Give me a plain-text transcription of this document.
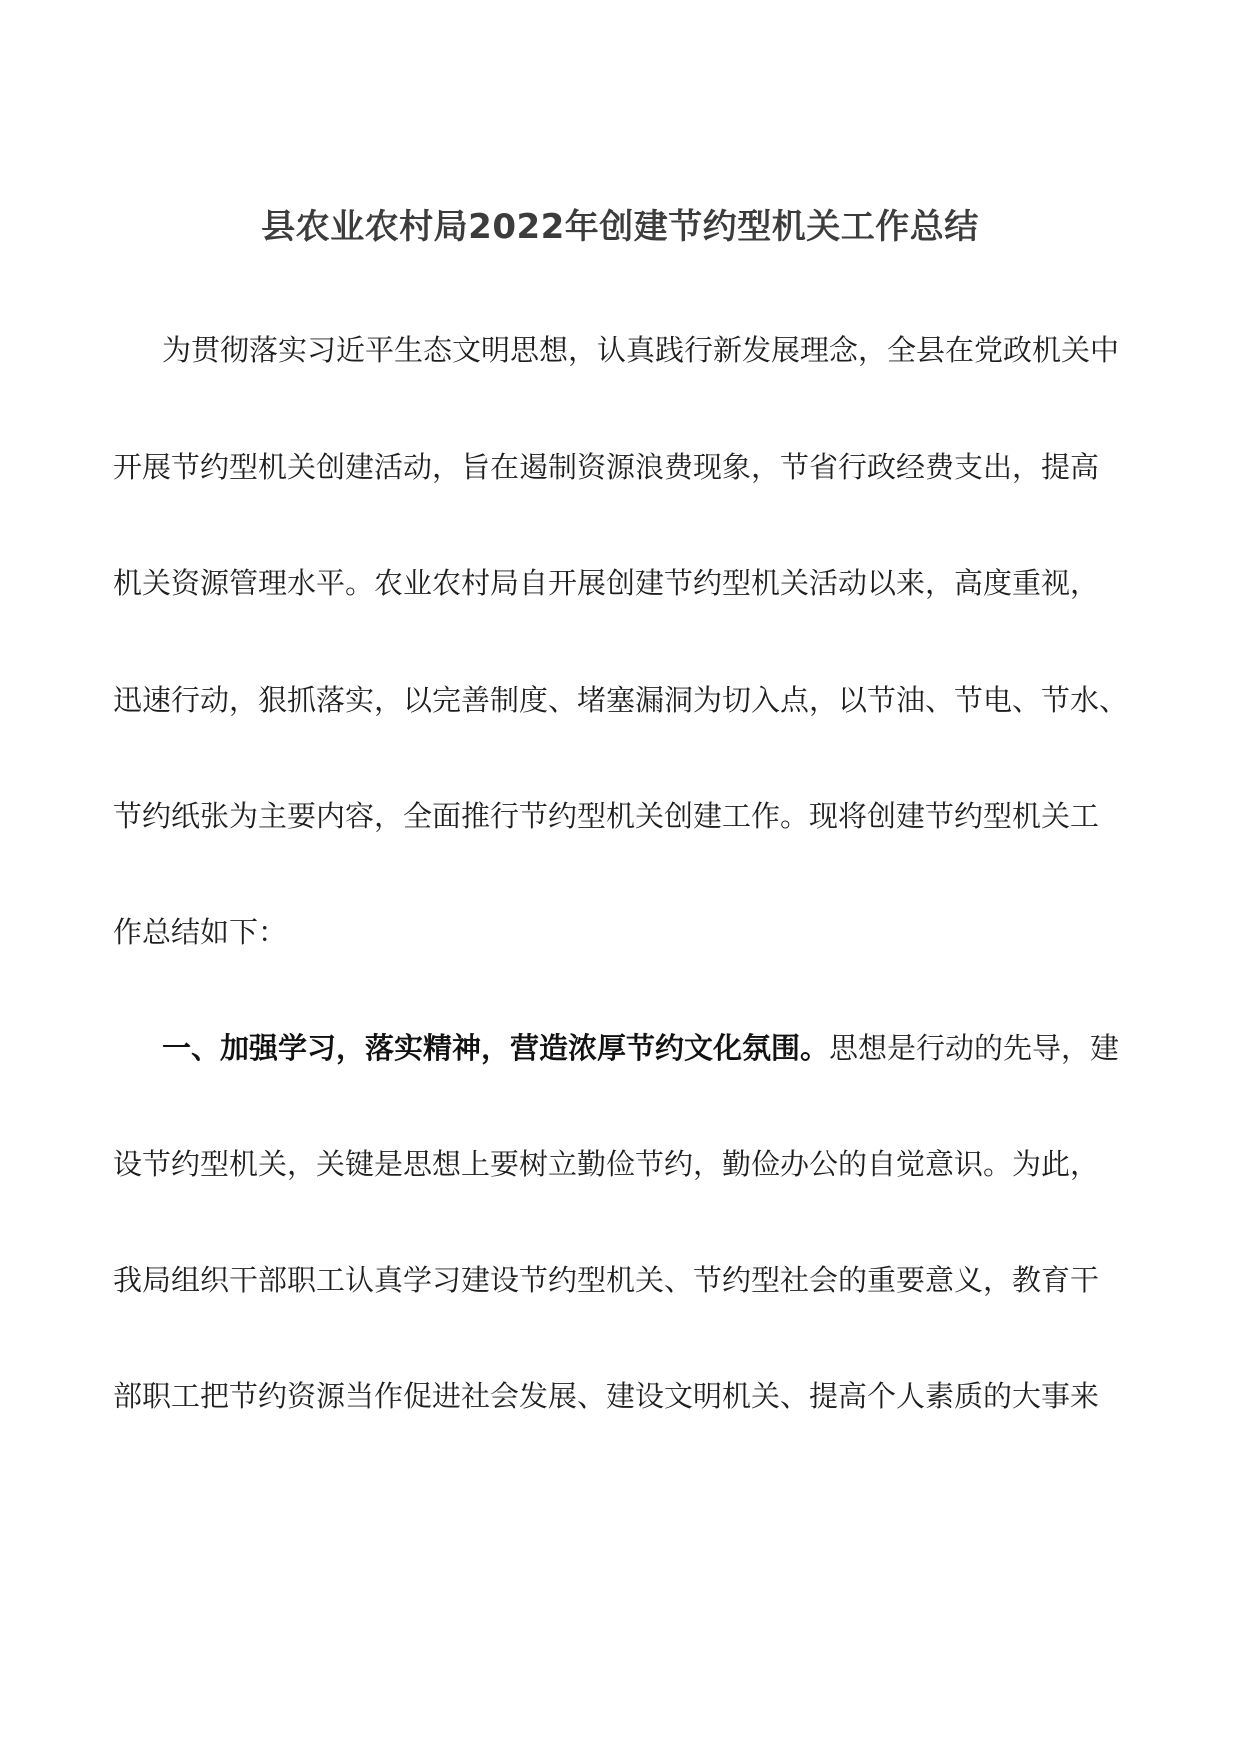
县农业农村局2022年创建节约型机关工作总结

为贯彻落实习近平生态文明思想，认真践行新发展理念，全县在党政机关中

开展节约型机关创建活动，旨在遏制资源浪费现象，节省行政经费支出，提高

机关资源管理水平。农业农村局自开展创建节约型机关活动以来，高度重视，

迅速行动，狠抓落实，以完善制度、堵塞漏洞为切入点，以节油、节电、节水、

节约纸张为主要内容，全面推行节约型机关创建工作。现将创建节约型机关工

作总结如下：

一、加强学习，落实精神，营造浓厚节约文化氛围。思想是行动的先导，建

设节约型机关，关键是思想上要树立勤俭节约，勤俭办公的自觉意识。为此，

我局组织干部职工认真学习建设节约型机关、节约型社会的重要意义，教育干

部职工把节约资源当作促进社会发展、建设文明机关、提高个人素质的大事来
